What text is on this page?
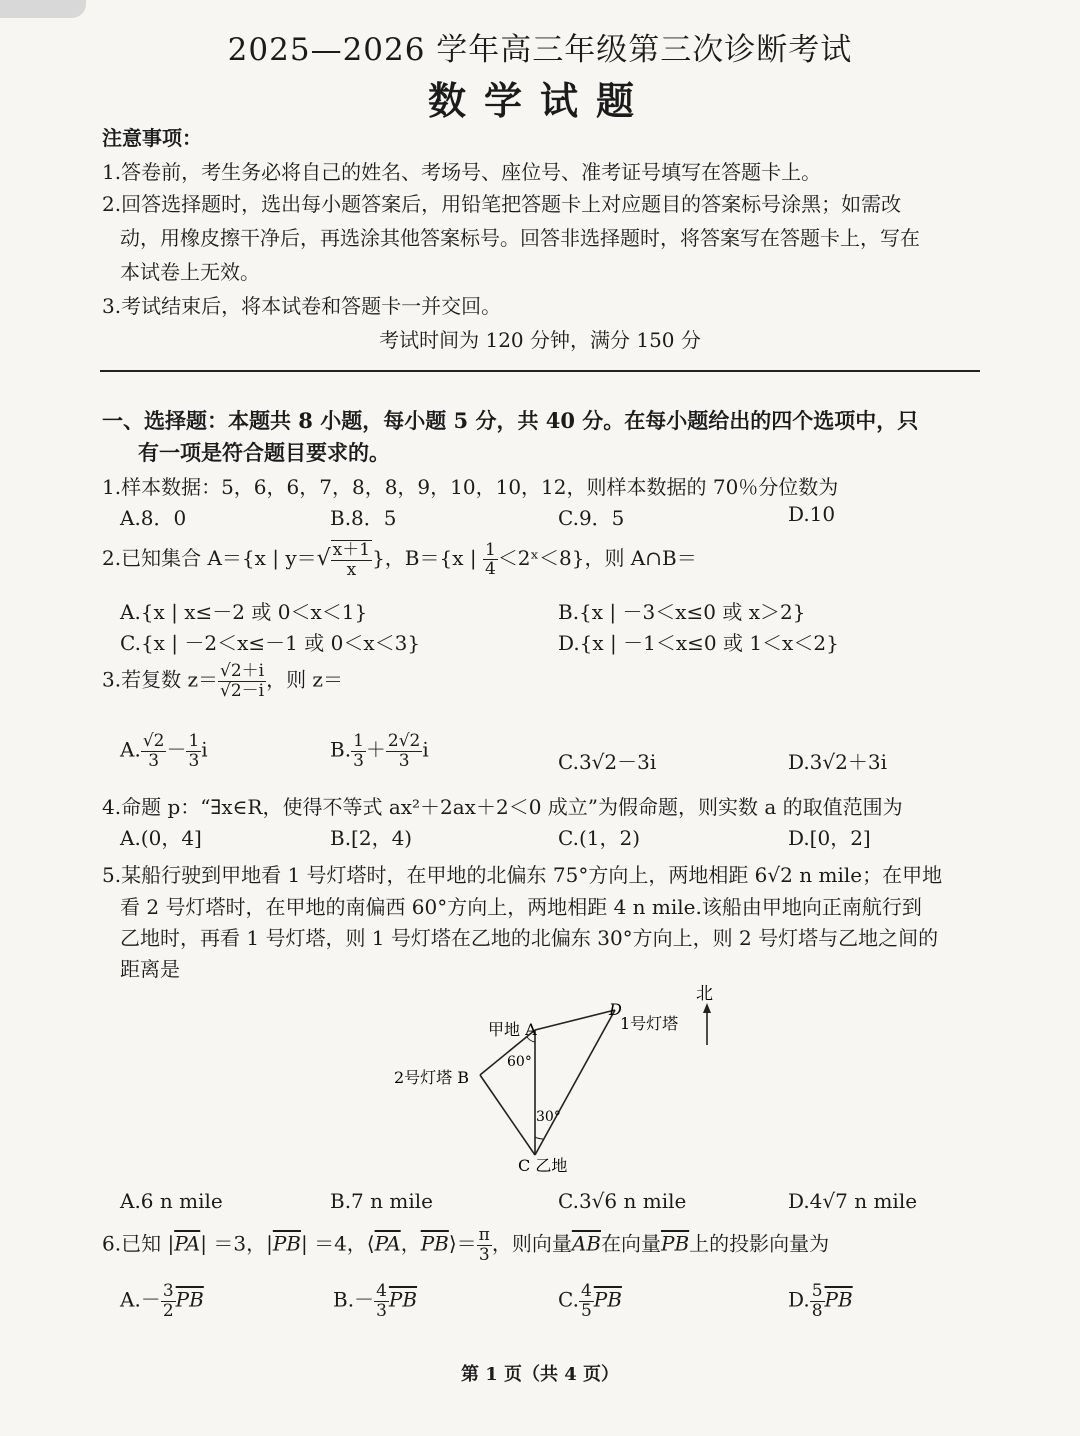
2025—2026 学年高三年级第三次诊断考试
数学试题
注意事项：
1.答卷前，考生务必将自己的姓名、考场号、座位号、准考证号填写在答题卡上。
2.回答选择题时，选出每小题答案后，用铅笔把答题卡上对应题目的答案标号涂黑；如需改
动，用橡皮擦干净后，再选涂其他答案标号。回答非选择题时，将答案写在答题卡上，写在
本试卷上无效。
3.考试结束后，将本试卷和答题卡一并交回。
考试时间为 120 分钟，满分 150 分
一、选择题：本题共 8 小题，每小题 5 分，共 40 分。在每小题给出的四个选项中，只
有一项是符合题目要求的。
1.样本数据：5，6，6，7，8，8，9，10，10，12，则样本数据的 70％分位数为
A.8．0	B.8．5	C.9．5	D.10
2.已知集合 A＝{x | $y=√ \frac{x+1}{x}$ }，B＝{x | $\frac{1}{4}$ ＜2ˣ＜8}，则 A∩B＝
A.{x | x≤－2 或 0＜x＜1}	B.{x | －3＜x≤0 或 x＞2}
C.{x | －2＜x≤－1 或 0＜x＜3}	D.{x | －1＜x≤0 或 1＜x＜2}
3.若复数 $z= \frac{√2+i}{√2-i}$ ，则 z＝
A. $\frac{√2}{3} - \frac{1}{3}$ i	B. $\frac{1}{3} + \frac{2√2}{3}$ i
C.3√2－3i	D.3√2＋3i
4.命题 p：“∃x∈R，使得不等式 ax²＋2ax＋2＜0 成立”为假命题，则实数 a 的取值范围为
A.(0，4]	B.[2，4)	C.(1，2)	D.[0，2]
5.某船行驶到甲地看 1 号灯塔时，在甲地的北偏东 75°方向上，两地相距 6√2 n mile；在甲地
看 2 号灯塔时，在甲地的南偏西 60°方向上，两地相距 4 n mile.该船由甲地向正南航行到
乙地时，再看 1 号灯塔，则 1 号灯塔在乙地的北偏东 30°方向上，则 2 号灯塔与乙地之间的
距离是
北
甲地 A
2号灯塔 B
C 乙地
D
1号灯塔
60°
30°
A.6 n mile	B.7 n mile	C.3√6 n mile	D.4√7 n mile
6.已知 $|\overline{PA}| =3$，$|\overline{PB}| =4$，$⟨\overline{PA}$，$\overline{PB}⟩= \frac{\pi}{3}$ ，则向量$\overline{AB}$在向量$\overline{PB}$上的投影向量为
$A.- \frac{3}{2} \overline{PB}$	$B.- \frac{4}{3} \overline{PB}$	C. $\frac{4}{5} \overline{PB}$	D. $\frac{5}{8} \overline{PB}$
第 1 页（共 4 页）
